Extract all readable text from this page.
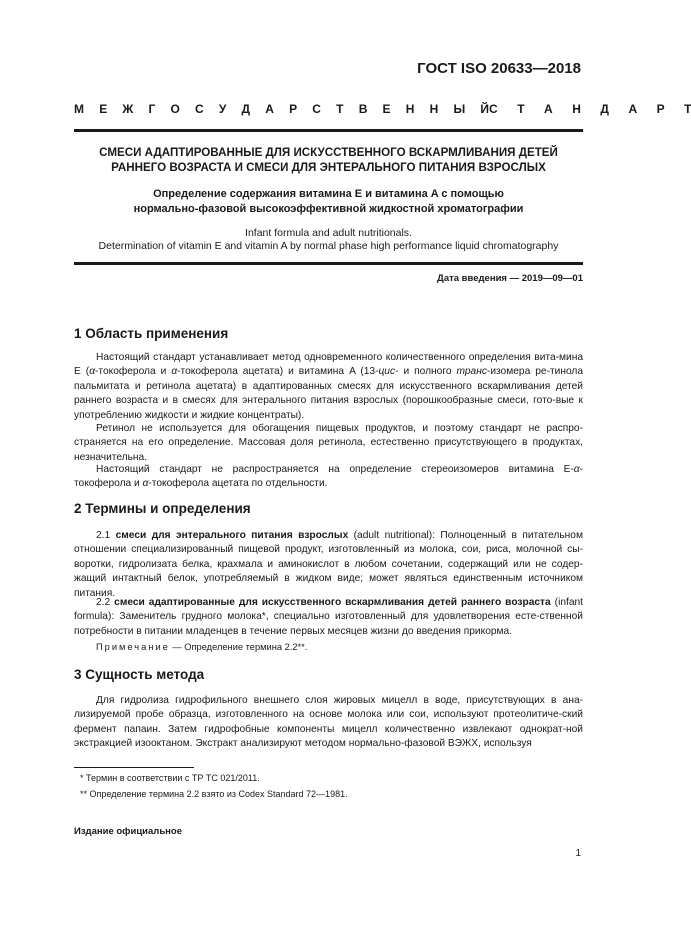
ГОСТ ISO 20633—2018
М Е Ж Г О С У Д А Р С Т В Е Н Н Ы Й С Т А Н Д А Р Т
СМЕСИ АДАПТИРОВАННЫЕ ДЛЯ ИСКУССТВЕННОГО ВСКАРМЛИВАНИЯ ДЕТЕЙ
РАННЕГО ВОЗРАСТА И СМЕСИ ДЛЯ ЭНТЕРАЛЬНОГО ПИТАНИЯ ВЗРОСЛЫХ
Определение содержания витамина E и витамина A с помощью
нормально-фазовой высокоэффективной жидкостной хроматографии
Infant formula and adult nutritionals.
Determination of vitamin E and vitamin A by normal phase high performance liquid chromatography
Дата введения — 2019—09—01
1 Область применения
Настоящий стандарт устанавливает метод одновременного количественного определения вита-мина E (α-токоферола и α-токоферола ацетата) и витамина A (13-цис- и полного транс-изомера ре-тинола пальмитата и ретинола ацетата) в адаптированных смесях для искусственного вскармливания детей раннего возраста и в смесях для энтерального питания взрослых (порошкообразные смеси, гото-вые к употреблению жидкости и жидкие концентраты).
Ретинол не используется для обогащения пищевых продуктов, и поэтому стандарт не распро-страняется на его определение. Массовая доля ретинола, естественно присутствующего в продуктах, незначительна.
Настоящий стандарт не распространяется на определение стереоизомеров витамина E-α-токоферола и α-токоферола ацетата по отдельности.
2 Термины и определения
2.1 смеси для энтерального питания взрослых (adult nutritional): Полноценный в питательном отношении специализированный пищевой продукт, изготовленный из молока, сои, риса, молочной сы-воротки, гидролизата белка, крахмала и аминокислот в любом сочетании, содержащий или не содер-жащий интактный белок, употребляемый в жидком виде; может являться единственным источником питания.
2.2 смеси адаптированные для искусственного вскармливания детей раннего возраста (infant formula): Заменитель грудного молока*, специально изготовленный для удовлетворения есте-ственной потребности в питании младенцев в течение первых месяцев жизни до введения прикорма.
Примечание — Определение термина 2.2**.
3 Сущность метода
Для гидролиза гидрофильного внешнего слоя жировых мицелл в воде, присутствующих в ана-лизируемой пробе образца, изготовленного на основе молока или сои, используют протеолитиче-ский фермент папаин. Затем гидрофобные компоненты мицелл количественно извлекают однократ-ной экстракцией изооктаном. Экстракт анализируют методом нормально-фазовой ВЭЖХ, используя
* Термин в соответствии с ТР ТС 021/2011.
** Определение термина 2.2 взято из Codex Standard 72—1981.
Издание официальное
1
